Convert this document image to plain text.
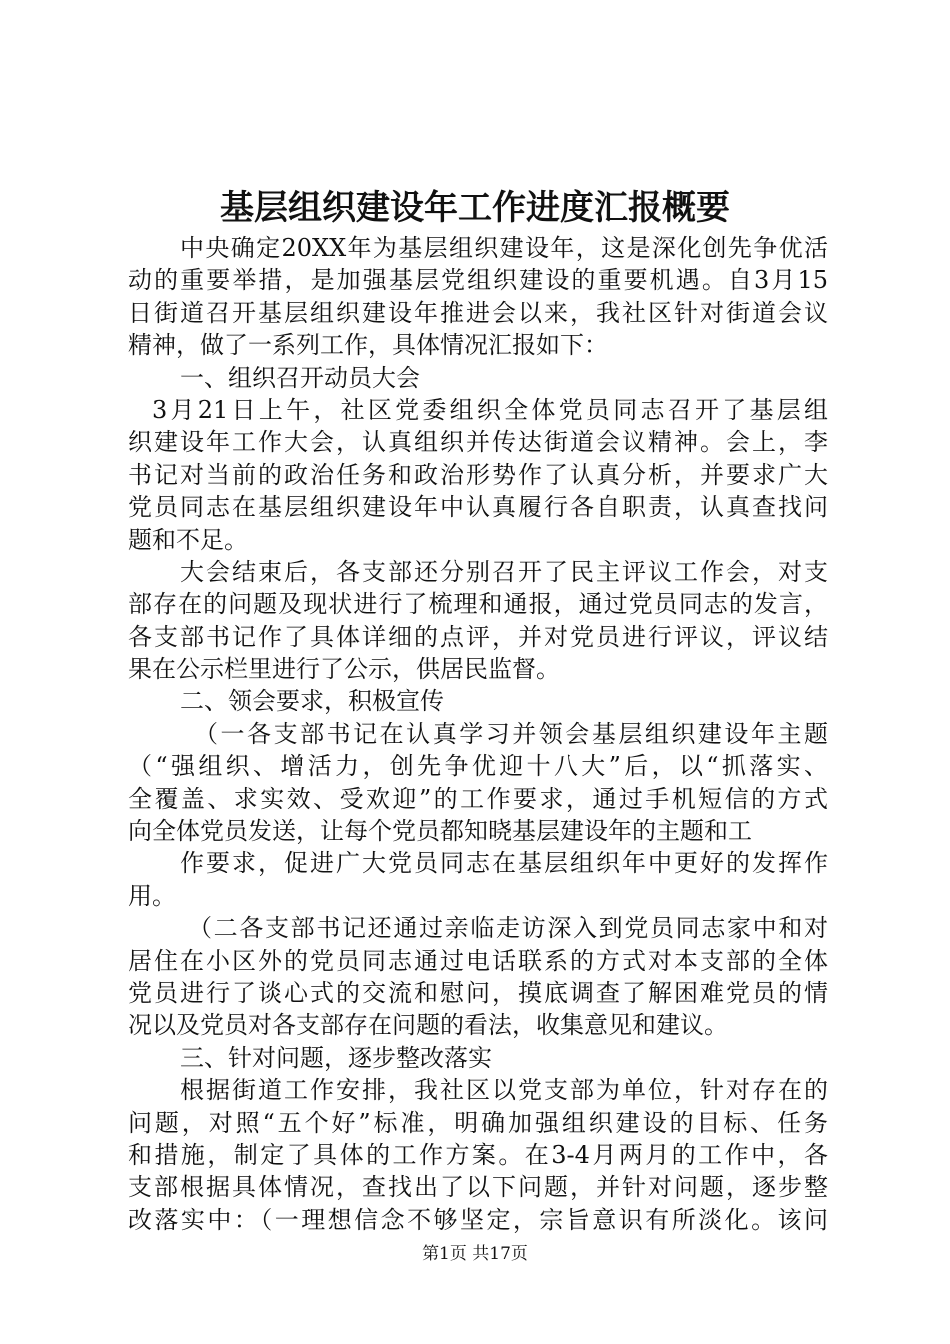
基层组织建设年工作进度汇报概要
中央确定20XX年为基层组织建设年，这是深化创先争优活
动的重要举措，是加强基层党组织建设的重要机遇。自3月15
日街道召开基层组织建设年推进会以来，我社区针对街道会议
精神，做了一系列工作，具体情况汇报如下：
一、组织召开动员大会
3月21日上午，社区党委组织全体党员同志召开了基层组
织建设年工作大会，认真组织并传达街道会议精神。会上，李
书记对当前的政治任务和政治形势作了认真分析，并要求广大
党员同志在基层组织建设年中认真履行各自职责，认真查找问
题和不足。
大会结束后，各支部还分别召开了民主评议工作会，对支
部存在的问题及现状进行了梳理和通报，通过党员同志的发言，
各支部书记作了具体详细的点评，并对党员进行评议，评议结
果在公示栏里进行了公示，供居民监督。
二、领会要求，积极宣传
（一各支部书记在认真学习并领会基层组织建设年主题
（“强组织、增活力，创先争优迎十八大”后，以“抓落实、
全覆盖、求实效、受欢迎”的工作要求，通过手机短信的方式
向全体党员发送，让每个党员都知晓基层建设年的主题和工
作要求，促进广大党员同志在基层组织年中更好的发挥作
用。
（二各支部书记还通过亲临走访深入到党员同志家中和对
居住在小区外的党员同志通过电话联系的方式对本支部的全体
党员进行了谈心式的交流和慰问，摸底调查了解困难党员的情
况以及党员对各支部存在问题的看法，收集意见和建议。
三、针对问题，逐步整改落实
根据街道工作安排，我社区以党支部为单位，针对存在的
问题，对照“五个好”标准，明确加强组织建设的目标、任务
和措施，制定了具体的工作方案。在3-4月两月的工作中，各
支部根据具体情况，查找出了以下问题，并针对问题，逐步整
改落实中：（一理想信念不够坚定，宗旨意识有所淡化。该问
第1页 共17页
